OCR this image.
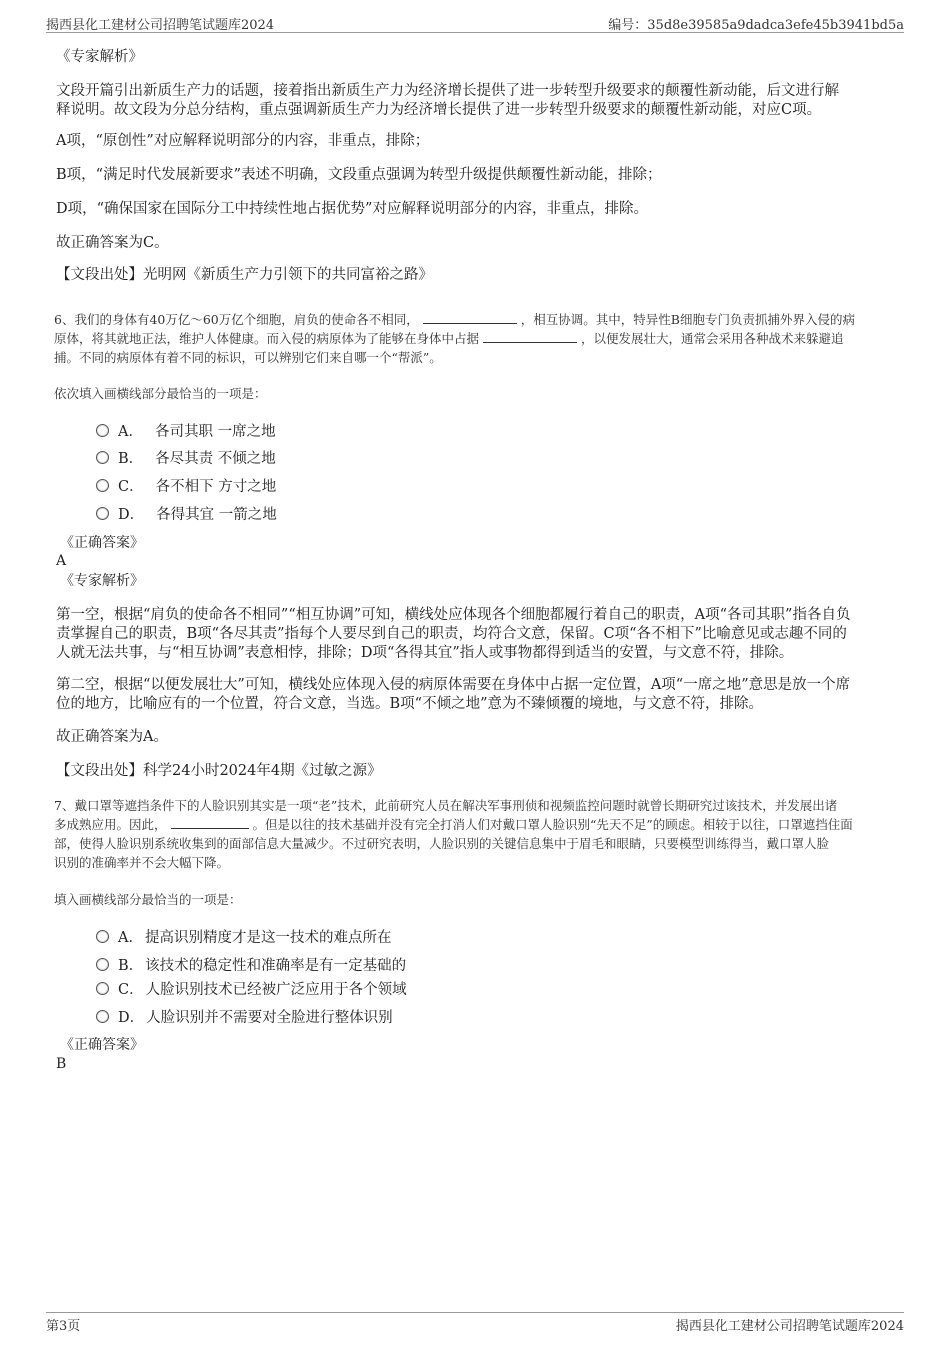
揭西县化工建材公司招聘笔试题库2024	编号：35d8e39585a9dadca3efe45b3941bd5a
《专家解析》
文段开篇引出新质生产力的话题，接着指出新质生产力为经济增长提供了进一步转型升级要求的颠覆性新动能，后文进行解
释说明。故文段为分总分结构，重点强调新质生产力为经济增长提供了进一步转型升级要求的颠覆性新动能，对应C项。
A项，“原创性”对应解释说明部分的内容，非重点，排除；
B项，“满足时代发展新要求”表述不明确，文段重点强调为转型升级提供颠覆性新动能，排除；
D项，“确保国家在国际分工中持续性地占据优势”对应解释说明部分的内容，非重点，排除。
故正确答案为C。
【文段出处】光明网《新质生产力引领下的共同富裕之路》
6、我们的身体有40万亿～60万亿个细胞，肩负的使命各不相同，	，相互协调。其中，特异性B细胞专门负责抓捕外界入侵的病
原体，将其就地正法，维护人体健康。而入侵的病原体为了能够在身体中占据	，以便发展壮大，通常会采用各种战术来躲避追
捕。不同的病原体有着不同的标识，可以辨别它们来自哪一个“帮派”。
依次填入画横线部分最恰当的一项是：
A． 各司其职 一席之地
B． 各尽其责 不倾之地
C． 各不相下 方寸之地
D． 各得其宜 一箭之地
《正确答案》
A
《专家解析》
第一空，根据“肩负的使命各不相同”“相互协调”可知，横线处应体现各个细胞都履行着自己的职责，A项“各司其职”指各自负
责掌握自己的职责，B项“各尽其责”指每个人要尽到自己的职责，均符合文意，保留。C项“各不相下”比喻意见或志趣不同的
人就无法共事，与“相互协调”表意相悖，排除；D项“各得其宜”指人或事物都得到适当的安置，与文意不符，排除。
第二空，根据“以便发展壮大”可知，横线处应体现入侵的病原体需要在身体中占据一定位置，A项“一席之地”意思是放一个席
位的地方，比喻应有的一个位置，符合文意，当选。B项“不倾之地”意为不臻倾覆的境地，与文意不符，排除。
故正确答案为A。
【文段出处】科学24小时2024年4期《过敏之源》
7、戴口罩等遮挡条件下的人脸识别其实是一项“老”技术，此前研究人员在解决军事刑侦和视频监控问题时就曾长期研究过该技术，并发展出诸
多成熟应用。因此，	。但是以往的技术基础并没有完全打消人们对戴口罩人脸识别“先天不足”的顾虑。相较于以往，口罩遮挡住面
部，使得人脸识别系统收集到的面部信息大量减少。不过研究表明，人脸识别的关键信息集中于眉毛和眼睛，只要模型训练得当，戴口罩人脸
识别的准确率并不会大幅下降。
填入画横线部分最恰当的一项是：
A． 提高识别精度才是这一技术的难点所在
B． 该技术的稳定性和准确率是有一定基础的
C． 人脸识别技术已经被广泛应用于各个领域
D． 人脸识别并不需要对全脸进行整体识别
《正确答案》
B
第3页	揭西县化工建材公司招聘笔试题库2024
